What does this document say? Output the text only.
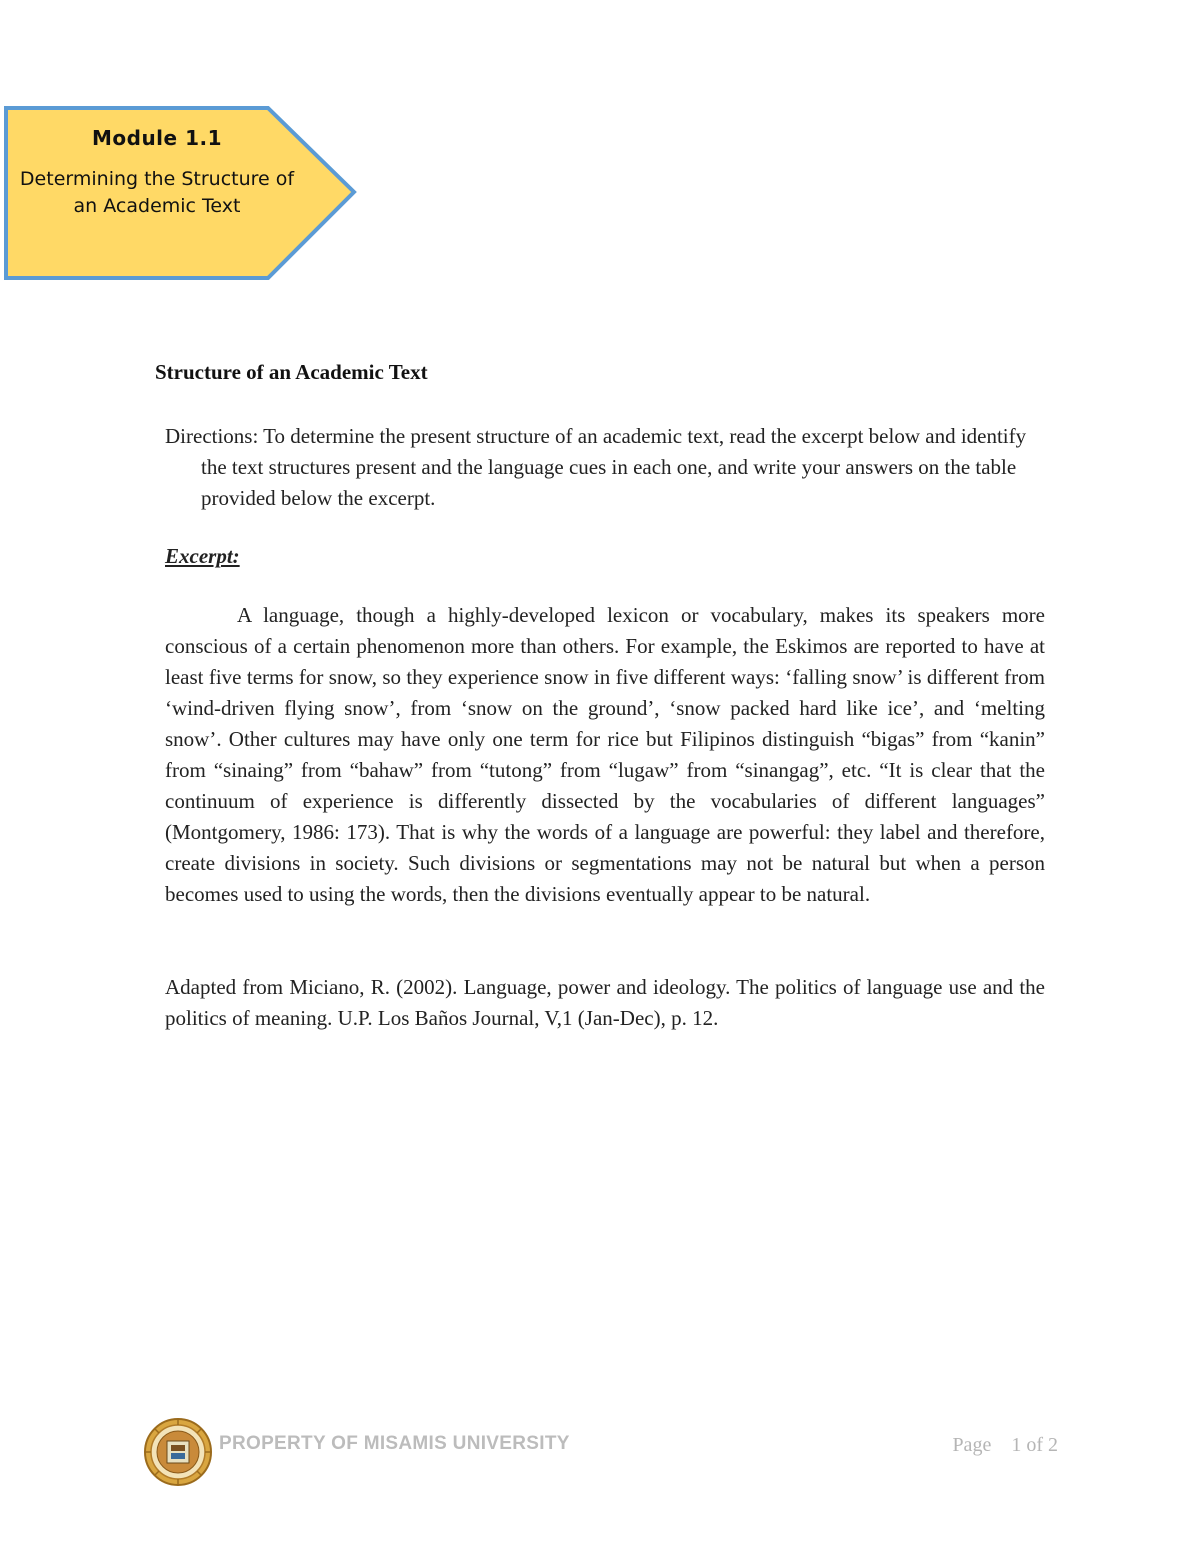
Module 1.1
Determining the Structure of an Academic Text
Structure of an Academic Text

Directions: To determine the present structure of an academic text, read the excerpt below and identify the text structures present and the language cues in each one, and write your answers on the table provided below the excerpt.

Excerpt:

A language, though a highly-developed lexicon or vocabulary, makes its speakers more conscious of a certain phenomenon more than others. For example, the Eskimos are reported to have at least five terms for snow, so they experience snow in five different ways: ‘falling snow’ is different from ‘wind-driven flying snow’, from ‘snow on the ground’, ‘snow packed hard like ice’, and ‘melting snow’. Other cultures may have only one term for rice but Filipinos distinguish “bigas” from “kanin” from “sinaing” from “bahaw” from “tutong” from “lugaw” from “sinangag”, etc. “It is clear that the continuum of experience is differently dissected by the vocabularies of different languages” (Montgomery, 1986: 173). That is why the words of a language are powerful: they label and therefore, create divisions in society. Such divisions or segmentations may not be natural but when a person becomes used to using the words, then the divisions eventually appear to be natural.

Adapted from Miciano, R. (2002). Language, power and ideology. The politics of language use and the politics of meaning. U.P. Los Baños Journal, V,1 (Jan-Dec), p. 12.

PROPERTY OF MISAMIS UNIVERSITY	Page 1 of 2
